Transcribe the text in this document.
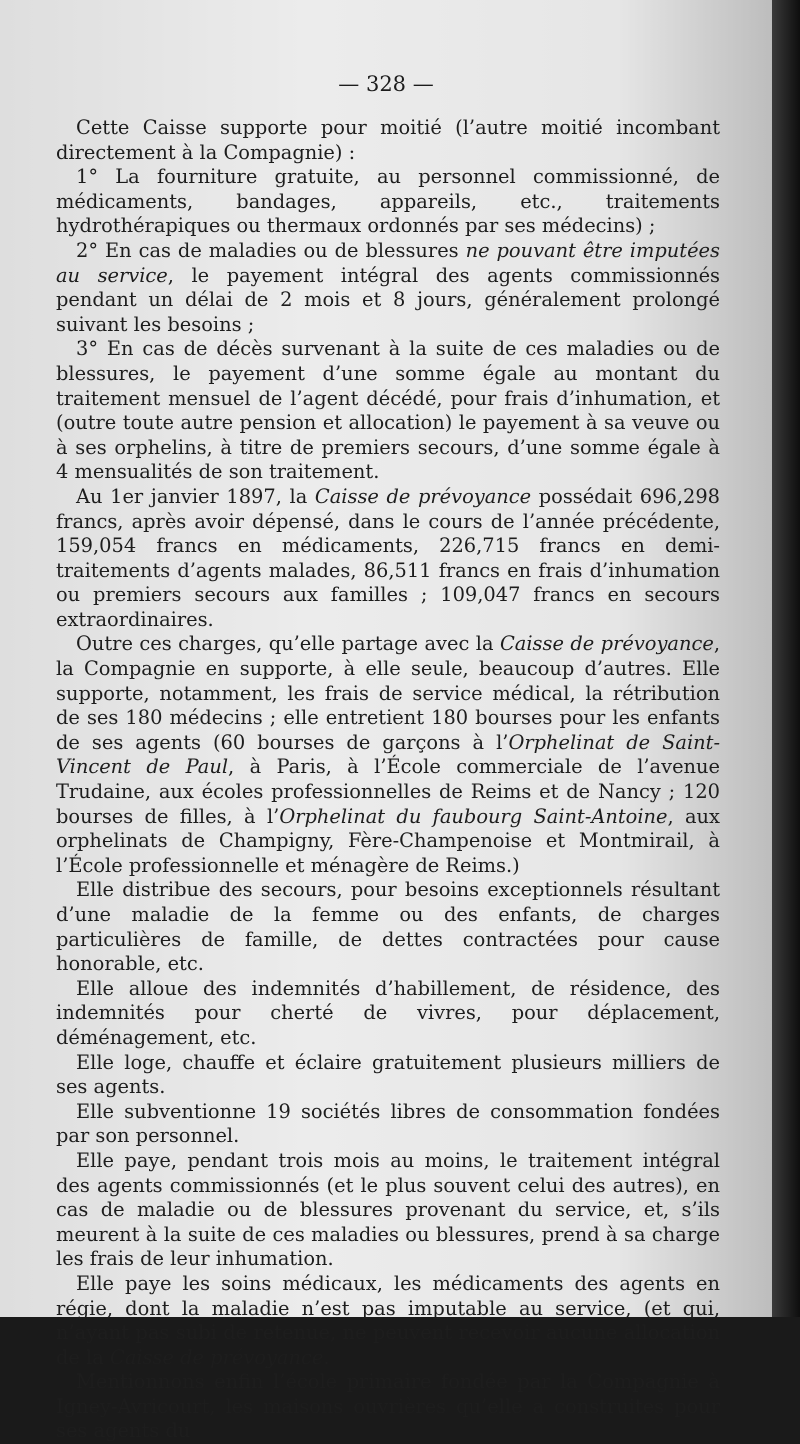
— 328 —

Cette Caisse supporte pour moitié (l’autre moitié incombant directement à la Compagnie) :

1° La fourniture gratuite, au personnel commissionné, de médicaments, bandages, appareils, etc., traitements hydrothérapiques ou thermaux ordonnés par ses médecins) ;

2° En cas de maladies ou de blessures ne pouvant être imputées au service, le payement intégral des agents commissionnés pendant un délai de 2 mois et 8 jours, généralement prolongé suivant les besoins ;

3° En cas de décès survenant à la suite de ces maladies ou de blessures, le payement d’une somme égale au montant du traitement mensuel de l’agent décédé, pour frais d’inhumation, et (outre toute autre pension et allocation) le payement à sa veuve ou à ses orphelins, à titre de premiers secours, d’une somme égale à 4 mensualités de son traitement.

Au 1er janvier 1897, la Caisse de prévoyance possédait 696,298 francs, après avoir dépensé, dans le cours de l’année précédente, 159,054 francs en médicaments, 226,715 francs en demi-traitements d’agents malades, 86,511 francs en frais d’inhumation ou premiers secours aux familles ; 109,047 francs en secours extraordinaires.

Outre ces charges, qu’elle partage avec la Caisse de prévoyance, la Compagnie en supporte, à elle seule, beaucoup d’autres. Elle supporte, notamment, les frais de service médical, la rétribution de ses 180 médecins ; elle entretient 180 bourses pour les enfants de ses agents (60 bourses de garçons à l’Orphelinat de Saint-Vincent de Paul, à Paris, à l’École commerciale de l’avenue Trudaine, aux écoles professionnelles de Reims et de Nancy ; 120 bourses de filles, à l’Orphelinat du faubourg Saint-Antoine, aux orphelinats de Champigny, Fère-Champenoise et Montmirail, à l’École professionnelle et ménagère de Reims.)

Elle distribue des secours, pour besoins exceptionnels résultant d’une maladie de la femme ou des enfants, de charges particulières de famille, de dettes contractées pour cause honorable, etc.

Elle alloue des indemnités d’habillement, de résidence, des indemnités pour cherté de vivres, pour déplacement, déménagement, etc.

Elle loge, chauffe et éclaire gratuitement plusieurs milliers de ses agents.

Elle subventionne 19 sociétés libres de consommation fondées par son personnel.

Elle paye, pendant trois mois au moins, le traitement intégral des agents commissionnés (et le plus souvent celui des autres), en cas de maladie ou de blessures provenant du service, et, s’ils meurent à la suite de ces maladies ou blessures, prend à sa charge les frais de leur inhumation.

Elle paye les soins médicaux, les médicaments des agents en régie, dont la maladie n’est pas imputable au service, (et qui, n’ayant pas subi de retenue, ne peuvent recevoir aucune allocation de la Caisse de prévoyance.

Mentionnons enfin l’école primaire fondée par la Compagnie à Igney-Avricourt, les maisons ouvrières qu’elle a construites pour ses agents du
